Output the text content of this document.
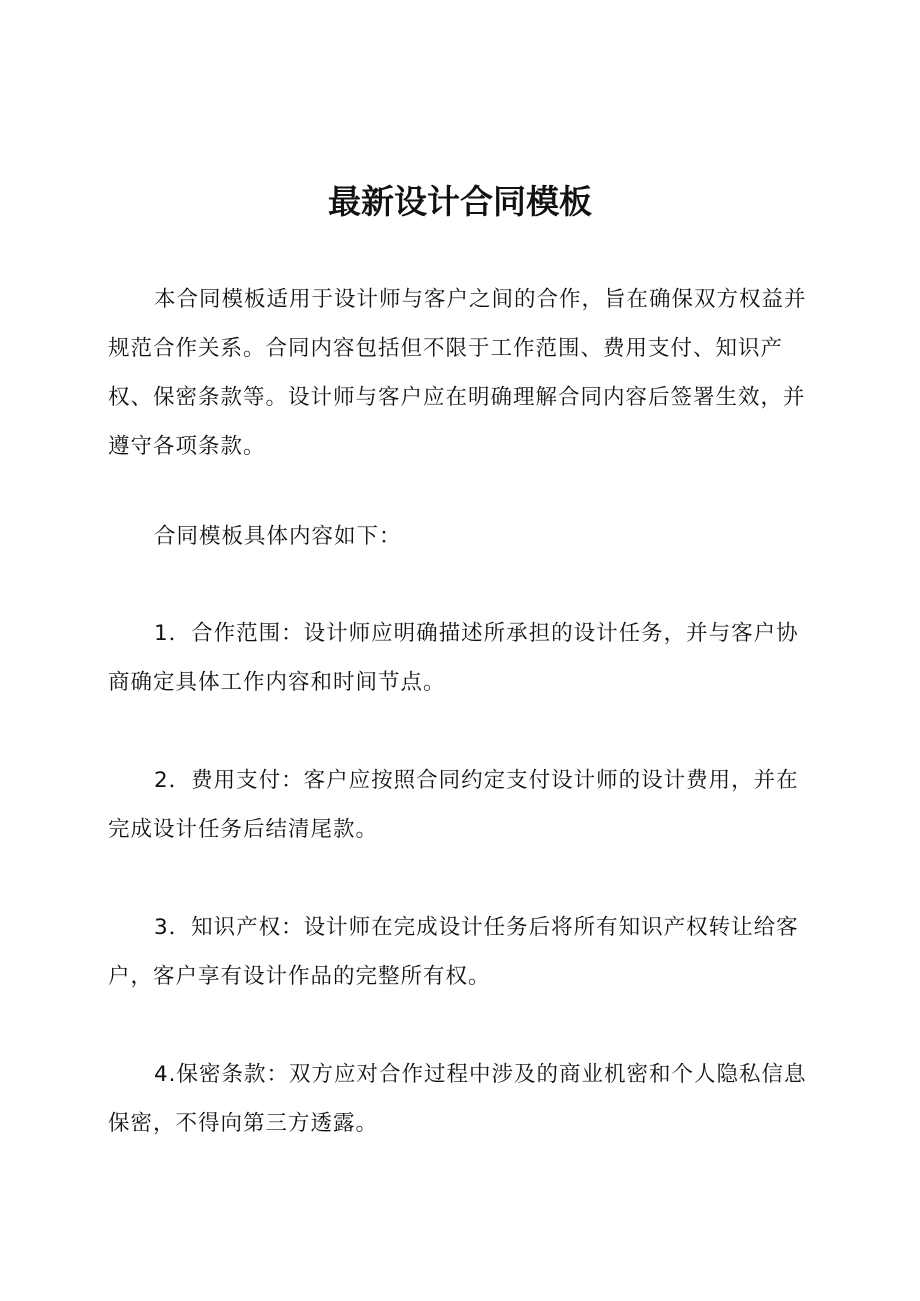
最新设计合同模板

本合同模板适用于设计师与客户之间的合作，旨在确保双方权益并规范合作关系。合同内容包括但不限于工作范围、费用支付、知识产权、保密条款等。设计师与客户应在明确理解合同内容后签署生效，并遵守各项条款。

合同模板具体内容如下：

1．合作范围：设计师应明确描述所承担的设计任务，并与客户协商确定具体工作内容和时间节点。

2．费用支付：客户应按照合同约定支付设计师的设计费用，并在完成设计任务后结清尾款。

3．知识产权：设计师在完成设计任务后将所有知识产权转让给客户，客户享有设计作品的完整所有权。

4.保密条款：双方应对合作过程中涉及的商业机密和个人隐私信息保密，不得向第三方透露。
